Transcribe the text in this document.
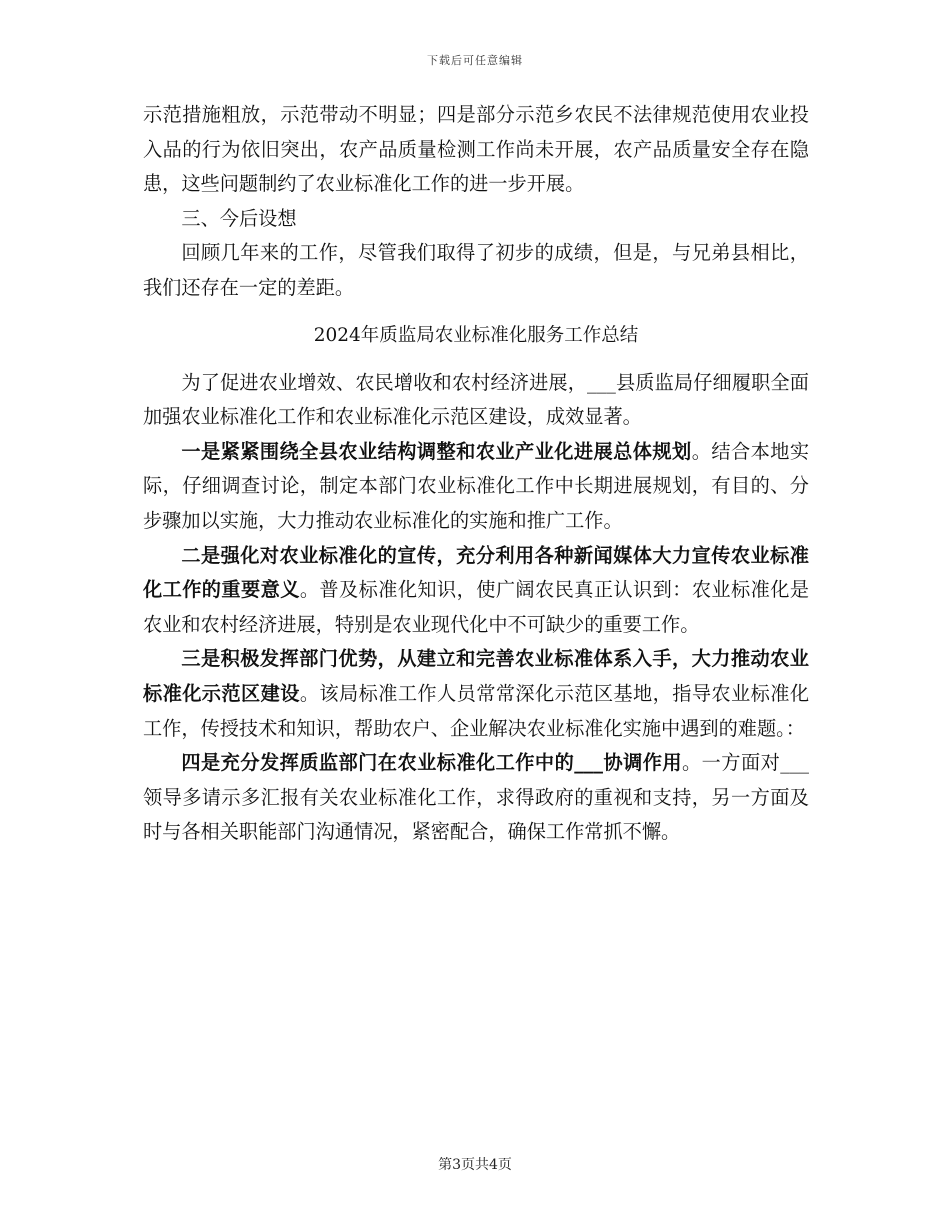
下载后可任意编辑

示范措施粗放，示范带动不明显；四是部分示范乡农民不法律规范使用农业投入品的行为依旧突出，农产品质量检测工作尚未开展，农产品质量安全存在隐患，这些问题制约了农业标准化工作的进一步开展。

三、今后设想

回顾几年来的工作，尽管我们取得了初步的成绩，但是，与兄弟县相比，我们还存在一定的差距。

2024年质监局农业标准化服务工作总结

为了促进农业增效、农民增收和农村经济进展，___县质监局仔细履职全面加强农业标准化工作和农业标准化示范区建设，成效显著。

一是紧紧围绕全县农业结构调整和农业产业化进展总体规划。结合本地实际，仔细调查讨论，制定本部门农业标准化工作中长期进展规划，有目的、分步骤加以实施，大力推动农业标准化的实施和推广工作。

二是强化对农业标准化的宣传，充分利用各种新闻媒体大力宣传农业标准化工作的重要意义。普及标准化知识，使广阔农民真正认识到：农业标准化是农业和农村经济进展，特别是农业现代化中不可缺少的重要工作。

三是积极发挥部门优势，从建立和完善农业标准体系入手，大力推动农业标准化示范区建设。该局标准工作人员常常深化示范区基地，指导农业标准化工作，传授技术和知识，帮助农户、企业解决农业标准化实施中遇到的难题。：

四是充分发挥质监部门在农业标准化工作中的___协调作用。一方面对___领导多请示多汇报有关农业标准化工作，求得政府的重视和支持，另一方面及时与各相关职能部门沟通情况，紧密配合，确保工作常抓不懈。

第3页共4页
